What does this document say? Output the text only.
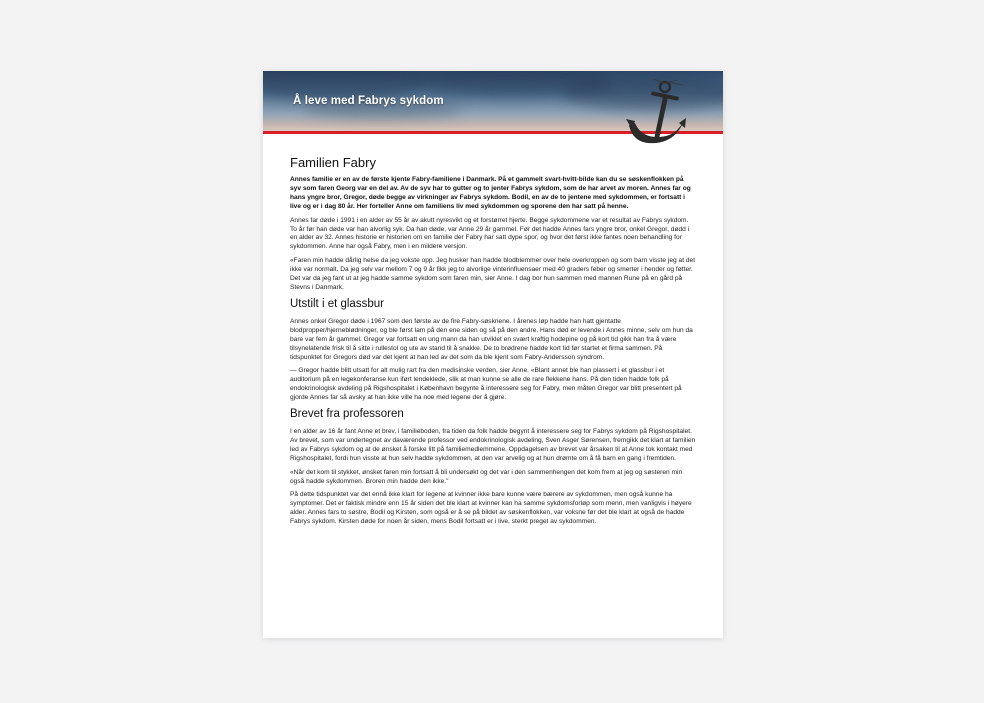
Å leve med Fabrys sykdom
Familien Fabry

Annes familie er en av de første kjente Fabry-familiene i Danmark. På et gammelt svart-hvitt-bilde kan du se søskenflokken på syv som faren Georg var en del av. Av de syv har to gutter og to jenter Fabrys sykdom, som de har arvet av moren. Annes far og hans yngre bror, Gregor, døde begge av virkninger av Fabrys sykdom. Bodil, en av de to jentene med sykdommen, er fortsatt i live og er i dag 80 år. Her forteller Anne om familiens liv med sykdommen og sporene den har satt på henne.

Annes far døde i 1991 i en alder av 55 år av akutt nyresvikt og et forstørret hjerte. Begge sykdommene var et resultat av Fabrys sykdom. To år før han døde var han alvorlig syk. Da han døde, var Anne 29 år gammel. Før det hadde Annes fars yngre bror, onkel Gregor, dødd i en alder av 32. Annes historie er historien om en familie der Fabry har satt dype spor, og hvor det først ikke fantes noen behandling for sykdommen. Anne har også Fabry, men i en mildere versjon.

«Faren min hadde dårlig helse da jeg vokste opp. Jeg husker han hadde blodblemmer over hele overkroppen og som barn visste jeg at det ikke var normalt. Da jeg selv var mellom 7 og 9 år fikk jeg to alvorlige vinterinfluensaer med 40 graders feber og smerter i hender og føtter. Det var da jeg fant ut at jeg hadde samme sykdom som faren min, sier Anne. I dag bor hun sammen med mannen Rune på en gård på Stevns i Danmark.

Utstilt i et glassbur

Annes onkel Gregor døde i 1967 som den første av de fire Fabry-søsknene. I årenes løp hadde han hatt gjentatte blodpropper/hjerneblødninger, og ble først lam på den ene siden og så på den andre. Hans død er levende i Annes minne, selv om hun da bare var fem år gammel. Gregor var fortsatt en ung mann da han utviklet en svært kraftig hodepine og på kort tid gikk han fra å være tilsynelatende frisk til å sitte i rullestol og ute av stand til å snakke. De to brødrene hadde kort tid før startet et firma sammen. På tidspunktet for Gregors død var det kjent at han led av det som da ble kjent som Fabry-Andersson syndrom.

— Gregor hadde blitt utsatt for alt mulig rart fra den medisinske verden, sier Anne. «Blant annet ble han plassert i et glassbur i et auditorium på en legekonferanse kun iført lendeklede, slik at man kunne se alle de rare flekkene hans. På den tiden hadde folk på endokrinologisk avdeling på Rigshospitalet i København begynte å interessere seg for Fabry, men måten Gregor var blitt presentert på gjorde Annes far så avsky at han ikke ville ha noe med legene der å gjøre.

Brevet fra professoren

I en alder av 16 år fant Anne et brev, i familieboden, fra tiden da folk hadde begynt å interessere seg for Fabrys sykdom på Rigshospitalet. Av brevet, som var undertegnet av daværende professor ved endokrinologisk avdeling, Sven Asger Sørensen, fremgikk det klart at familien led av Fabrys sykdom og at de ønsket å forske litt på familiemedlemmene. Oppdagelsen av brevet var årsaken til at Anne tok kontakt med Rigshospitalet, fordi hun visste at hun selv hadde sykdommen, at den var arvelig og at hun drømte om å få barn en gang i fremtiden.

«Når det kom til stykket, ønsket faren min fortsatt å bli undersøkt og det var i den sammenhengen det kom frem at jeg og søsteren min også hadde sykdommen. Broren min hadde den ikke."

På dette tidspunktet var det ennå ikke klart for legene at kvinner ikke bare kunne være bærere av sykdommen, men også kunne ha symptomer. Det er faktisk mindre enn 15 år siden det ble klart at kvinner kan ha samme sykdomsforløp som menn, men vanligvis i høyere alder. Annes fars to søstre, Bodil og Kirsten, som også er å se på bildet av søskenflokken, var voksne før det ble klart at også de hadde Fabrys sykdom. Kirsten døde for noen år siden, mens Bodil fortsatt er i live, sterkt preget av sykdommen.
